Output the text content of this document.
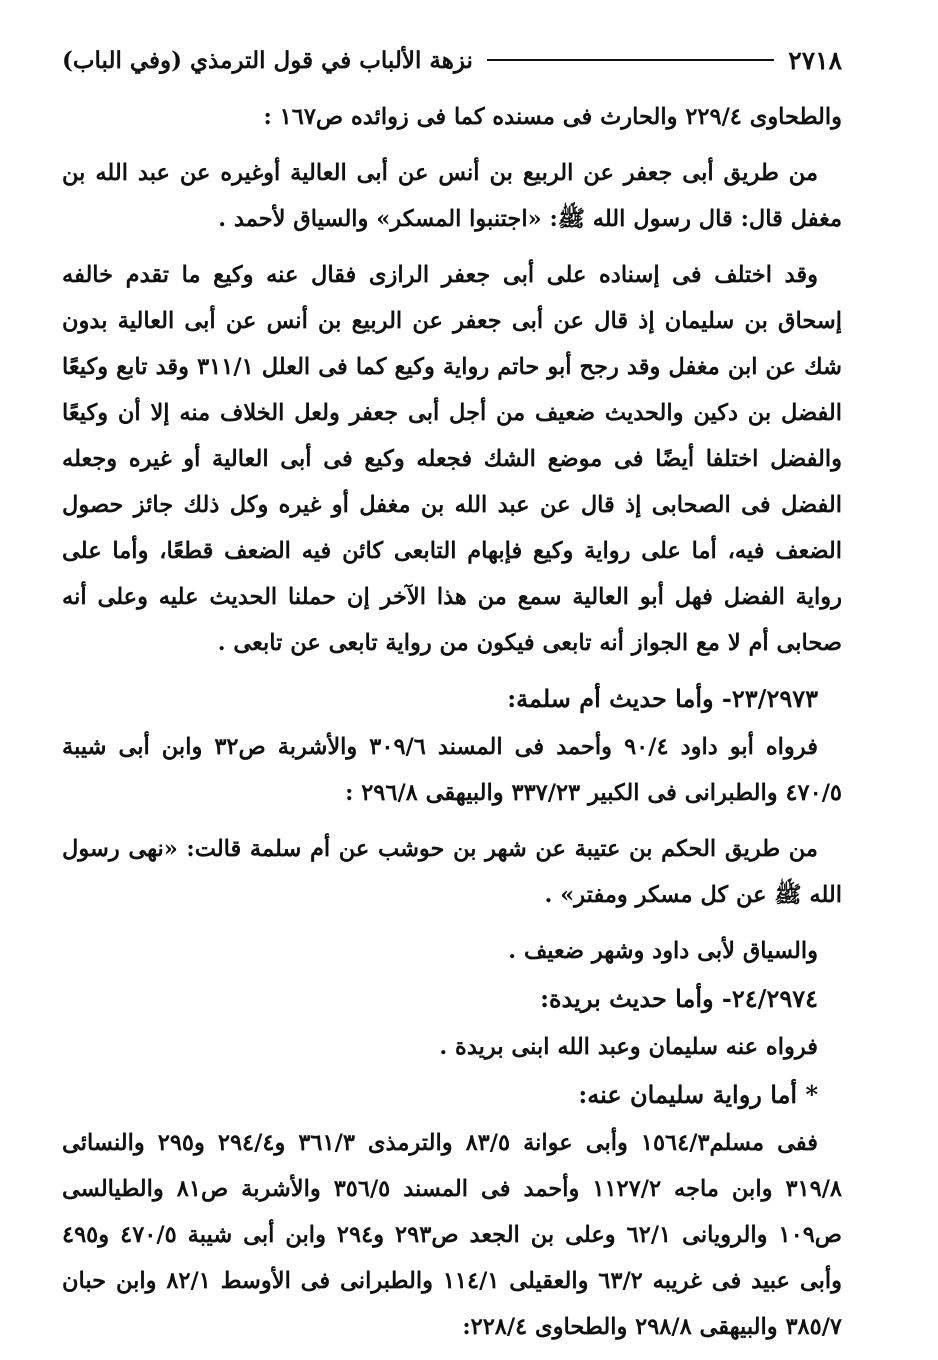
٢٧١٨
نزهة الألباب في قول الترمذي (وفي الباب)

والطحاوى ٢٢٩/٤ والحارث فى مسنده كما فى زوائده ص١٦٧ :

من طريق أبى جعفر عن الربيع بن أنس عن أبى العالية أوغيره عن عبد الله بن مغفل قال: قال رسول الله ﷺ: «اجتنبوا المسكر» والسياق لأحمد .

وقد اختلف فى إسناده على أبى جعفر الرازى فقال عنه وكيع ما تقدم خالفه إسحاق بن سليمان إذ قال عن أبى جعفر عن الربيع بن أنس عن أبى العالية بدون شك عن ابن مغفل وقد رجح أبو حاتم رواية وكيع كما فى العلل ٣١١/١ وقد تابع وكيعًا الفضل بن دكين والحديث ضعيف من أجل أبى جعفر ولعل الخلاف منه إلا أن وكيعًا والفضل اختلفا أيضًا فى موضع الشك فجعله وكيع فى أبى العالية أو غيره وجعله الفضل فى الصحابى إذ قال عن عبد الله بن مغفل أو غيره وكل ذلك جائز حصول الضعف فيه، أما على رواية وكيع فإبهام التابعى كائن فيه الضعف قطعًا، وأما على رواية الفضل فهل أبو العالية سمع من هذا الآخر إن حملنا الحديث عليه وعلى أنه صحابى أم لا مع الجواز أنه تابعى فيكون من رواية تابعى عن تابعى .

٢٣/٢٩٧٣- وأما حديث أم سلمة:

فرواه أبو داود ٩٠/٤ وأحمد فى المسند ٣٠٩/٦ والأشربة ص٣٢ وابن أبى شيبة ٤٧٠/٥ والطبرانى فى الكبير ٣٣٧/٢٣ والبيهقى ٢٩٦/٨ :

من طريق الحكم بن عتيبة عن شهر بن حوشب عن أم سلمة قالت: «نهى رسول الله ﷺ عن كل مسكر ومفتر» .

والسياق لأبى داود وشهر ضعيف .

٢٤/٢٩٧٤- وأما حديث بريدة:

فرواه عنه سليمان وعبد الله ابنى بريدة .

* أما رواية سليمان عنه:

ففى مسلم١٥٦٤/٣ وأبى عوانة ٨٣/٥ والترمذى ٣٦١/٣ و٢٩٤/٤ و٢٩٥ والنسائى ٣١٩/٨ وابن ماجه ١١٢٧/٢ وأحمد فى المسند ٣٥٦/٥ والأشربة ص٨١ والطيالسى ص١٠٩ والرويانى ٦٢/١ وعلى بن الجعد ص٢٩٣ و٢٩٤ وابن أبى شيبة ٤٧٠/٥ و٤٩٥ وأبى عبيد فى غريبه ٦٣/٢ والعقيلى ١١٤/١ والطبرانى فى الأوسط ٨٢/١ وابن حبان ٣٨٥/٧ والبيهقى ٢٩٨/٨ والطحاوى ٢٢٨/٤:
